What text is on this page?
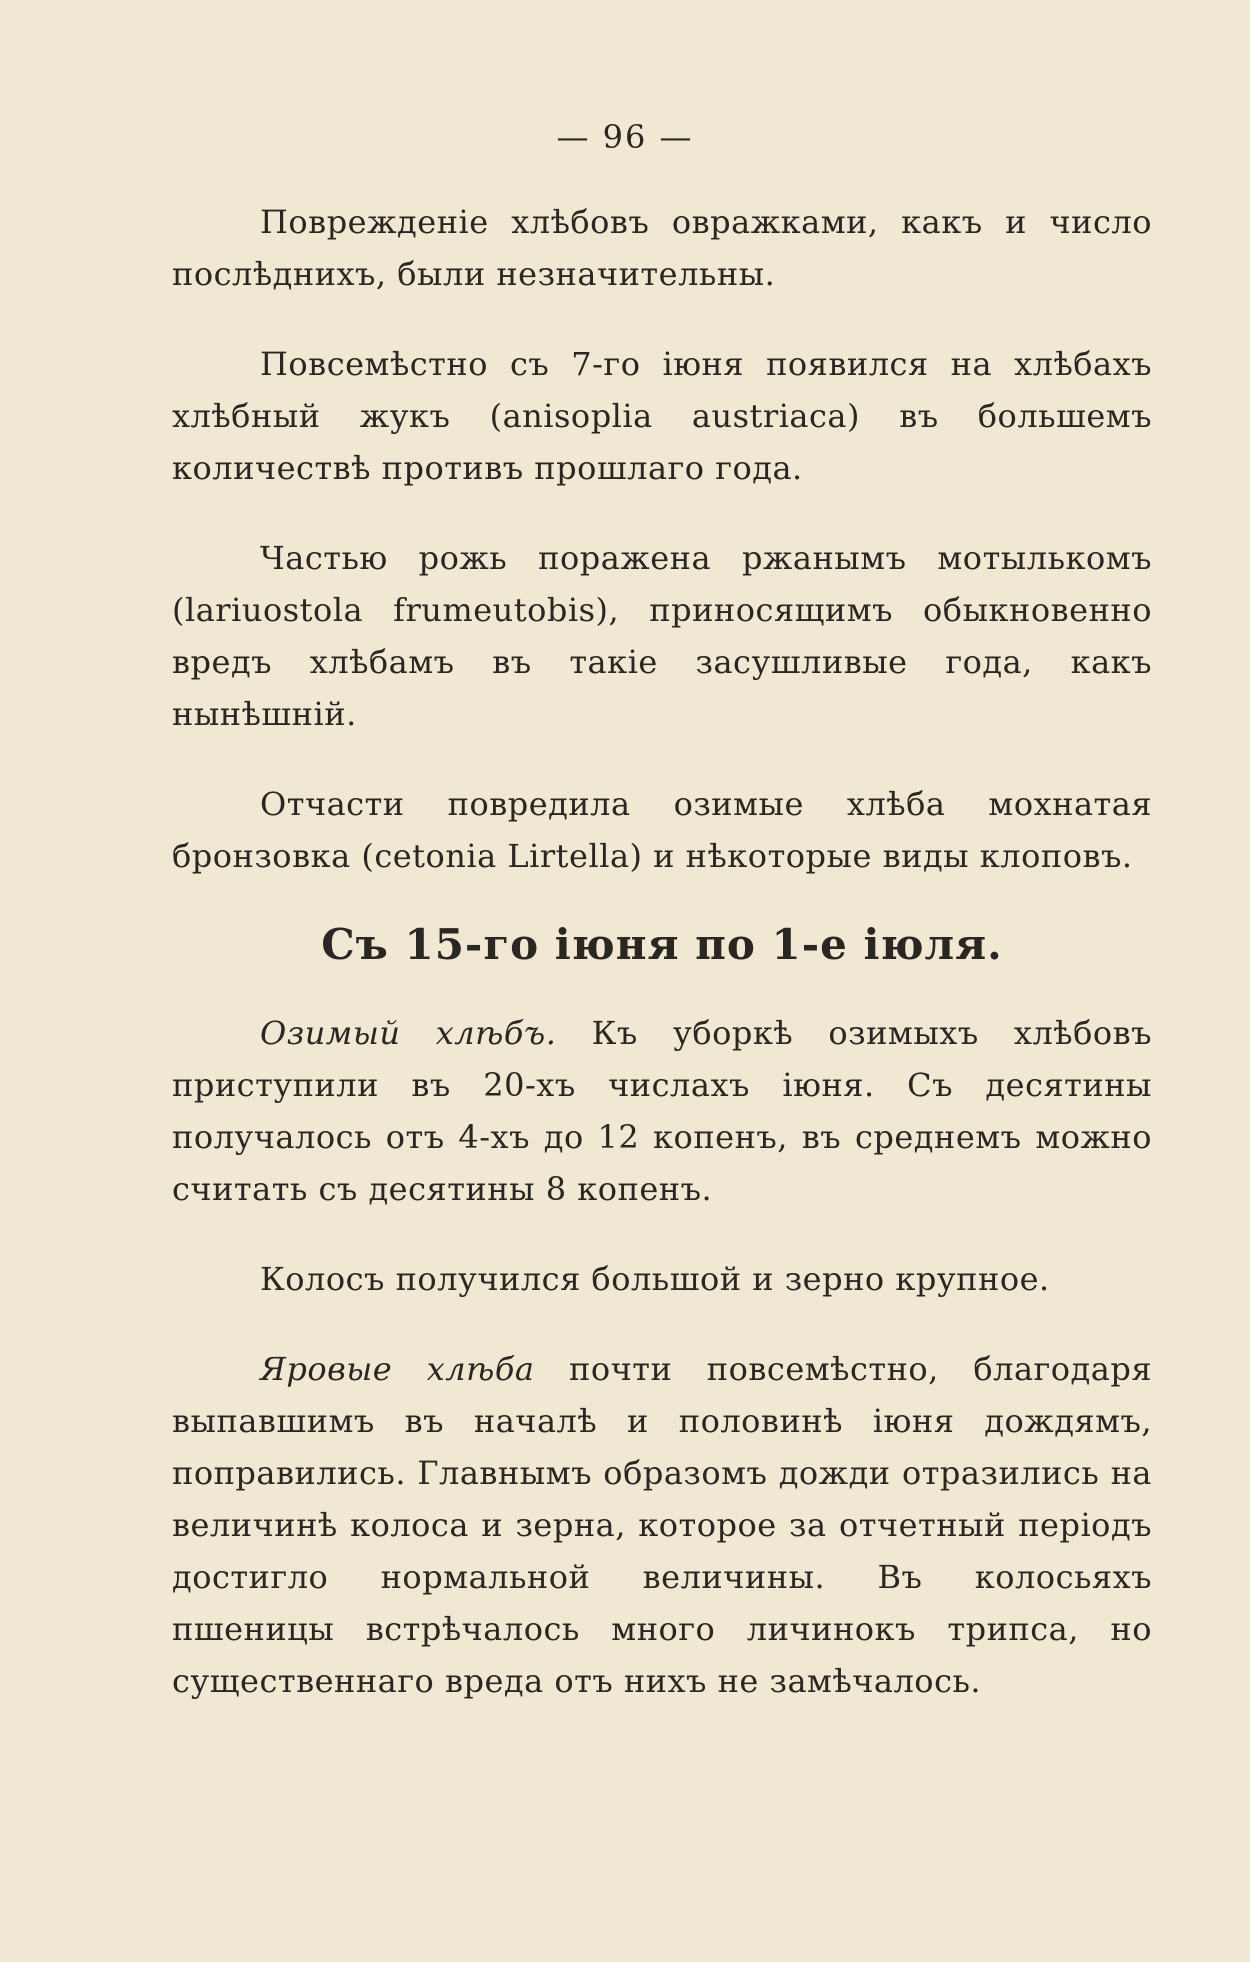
— 96 —

Повреждeнiе хлѣбовъ овражками, какъ и число послѣднихъ, были незначительны.

Повсемѣстно съ 7-го iюня появился на хлѣбахъ хлѣбный жукъ (anisoplia austriaca) въ большемъ количествѣ противъ прошлаго года.

Частью рожь поражена ржанымъ мотылькомъ (lariuostola frumeutobis), приносящимъ обыкновенно вредъ хлѣбамъ въ такiе засушливые года, какъ нынѣшнiй.

Отчасти повредила озимые хлѣба мохнатая бронзовка (cetonia Lirtella) и нѣкоторые виды клоповъ.

Съ 15-го iюня по 1-е iюля.

Озимый хлѣбъ. Къ уборкѣ озимыхъ хлѣбовъ приступили въ 20-хъ числахъ iюня. Съ десятины получалось отъ 4-хъ до 12 копенъ, въ среднемъ можно считать съ десятины 8 копенъ.

Колосъ получился большой и зерно крупное.

Яровые хлѣба почти повсемѣстно, благодаря выпавшимъ въ началѣ и половинѣ iюня дождямъ, поправились. Главнымъ образомъ дожди отразились на величинѣ колоса и зерна, которое за отчетный перiодъ достигло нормальной величины. Въ колосьяхъ пшеницы встрѣчалось много личинокъ трипса, но существеннаго вреда отъ нихъ не замѣчалось.
